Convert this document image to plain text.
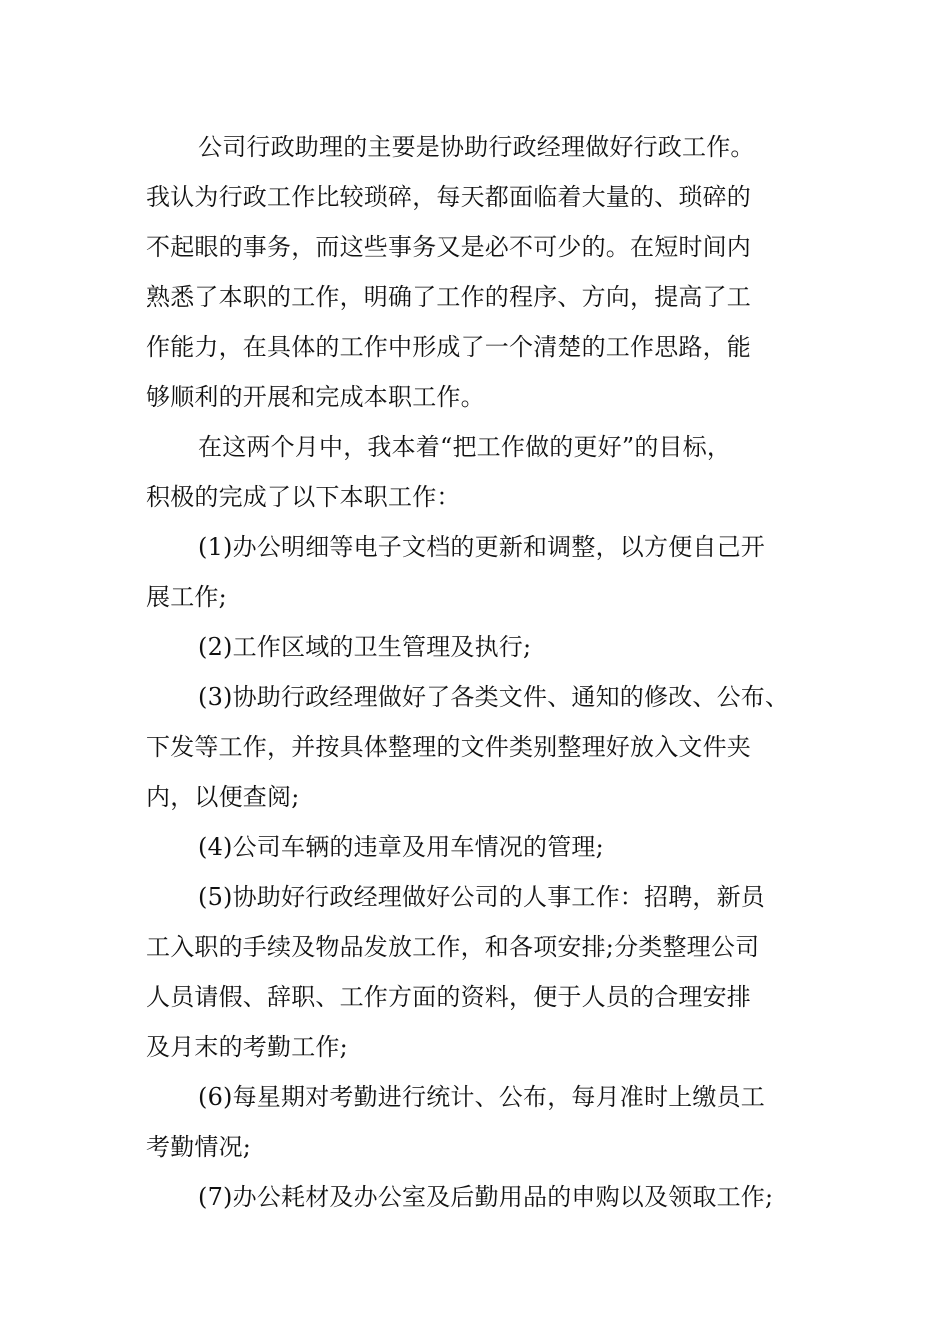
公司行政助理的主要是协助行政经理做好行政工作。
我认为行政工作比较琐碎，每天都面临着大量的、琐碎的
不起眼的事务，而这些事务又是必不可少的。在短时间内
熟悉了本职的工作，明确了工作的程序、方向，提高了工
作能力，在具体的工作中形成了一个清楚的工作思路，能
够顺利的开展和完成本职工作。
在这两个月中，我本着“把工作做的更好”的目标，
积极的完成了以下本职工作：
(1)办公明细等电子文档的更新和调整，以方便自己开
展工作;
(2)工作区域的卫生管理及执行;
(3)协助行政经理做好了各类文件、通知的修改、公布、
下发等工作，并按具体整理的文件类别整理好放入文件夹
内，以便查阅;
(4)公司车辆的违章及用车情况的管理;
(5)协助好行政经理做好公司的人事工作：招聘，新员
工入职的手续及物品发放工作，和各项安排;分类整理公司
人员请假、辞职、工作方面的资料，便于人员的合理安排
及月末的考勤工作;
(6)每星期对考勤进行统计、公布，每月准时上缴员工
考勤情况;
(7)办公耗材及办公室及后勤用品的申购以及领取工作;
